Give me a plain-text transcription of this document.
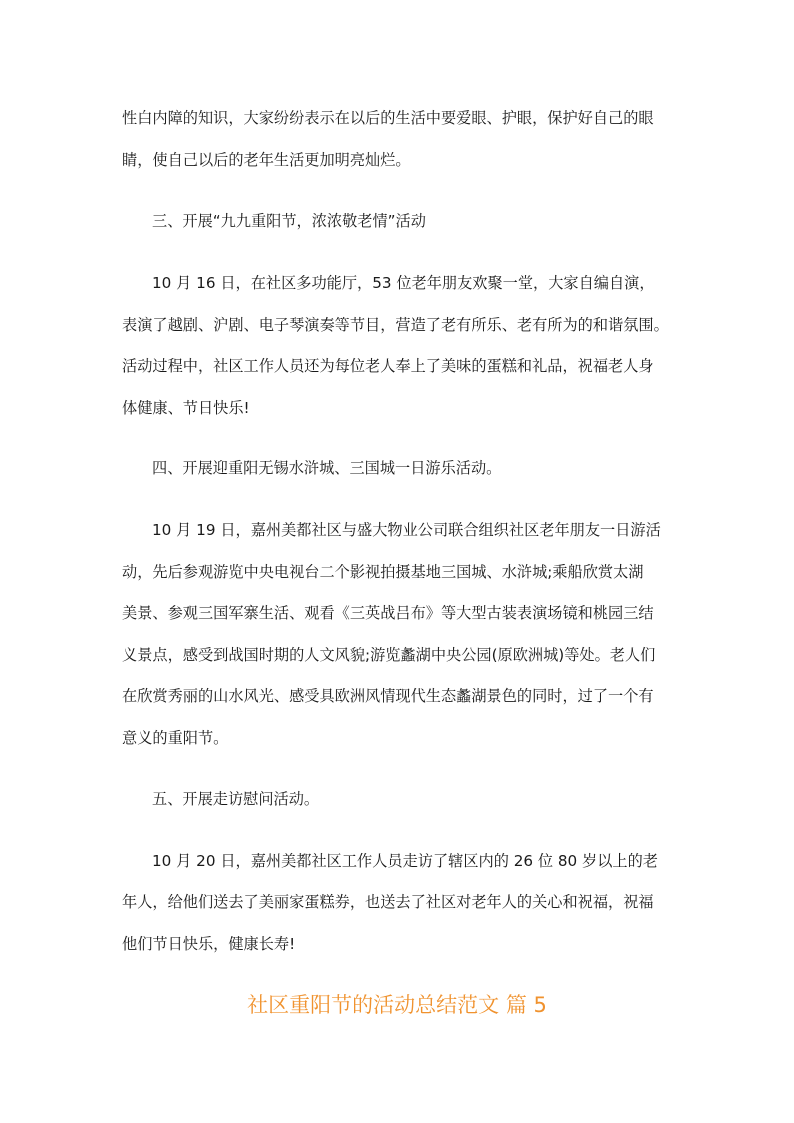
性白内障的知识，大家纷纷表示在以后的生活中要爱眼、护眼，保护好自己的眼
睛，使自己以后的老年生活更加明亮灿烂。
三、开展“九九重阳节，浓浓敬老情”活动
10 月 16 日，在社区多功能厅，53 位老年朋友欢聚一堂，大家自编自演，
表演了越剧、沪剧、电子琴演奏等节目，营造了老有所乐、老有所为的和谐氛围。
活动过程中，社区工作人员还为每位老人奉上了美味的蛋糕和礼品，祝福老人身
体健康、节日快乐!
四、开展迎重阳无锡水浒城、三国城一日游乐活动。
10 月 19 日，嘉州美都社区与盛大物业公司联合组织社区老年朋友一日游活
动，先后参观游览中央电视台二个影视拍摄基地三国城、水浒城;乘船欣赏太湖
美景、参观三国军寨生活、观看《三英战吕布》等大型古装表演场镜和桃园三结
义景点，感受到战国时期的人文风貌;游览蠡湖中央公园(原欧洲城)等处。老人们
在欣赏秀丽的山水风光、感受具欧洲风情现代生态蠡湖景色的同时，过了一个有
意义的重阳节。
五、开展走访慰问活动。
10 月 20 日，嘉州美都社区工作人员走访了辖区内的 26 位 80 岁以上的老
年人，给他们送去了美丽家蛋糕券，也送去了社区对老年人的关心和祝福，祝福
他们节日快乐，健康长寿!
社区重阳节的活动总结范文 篇 5
